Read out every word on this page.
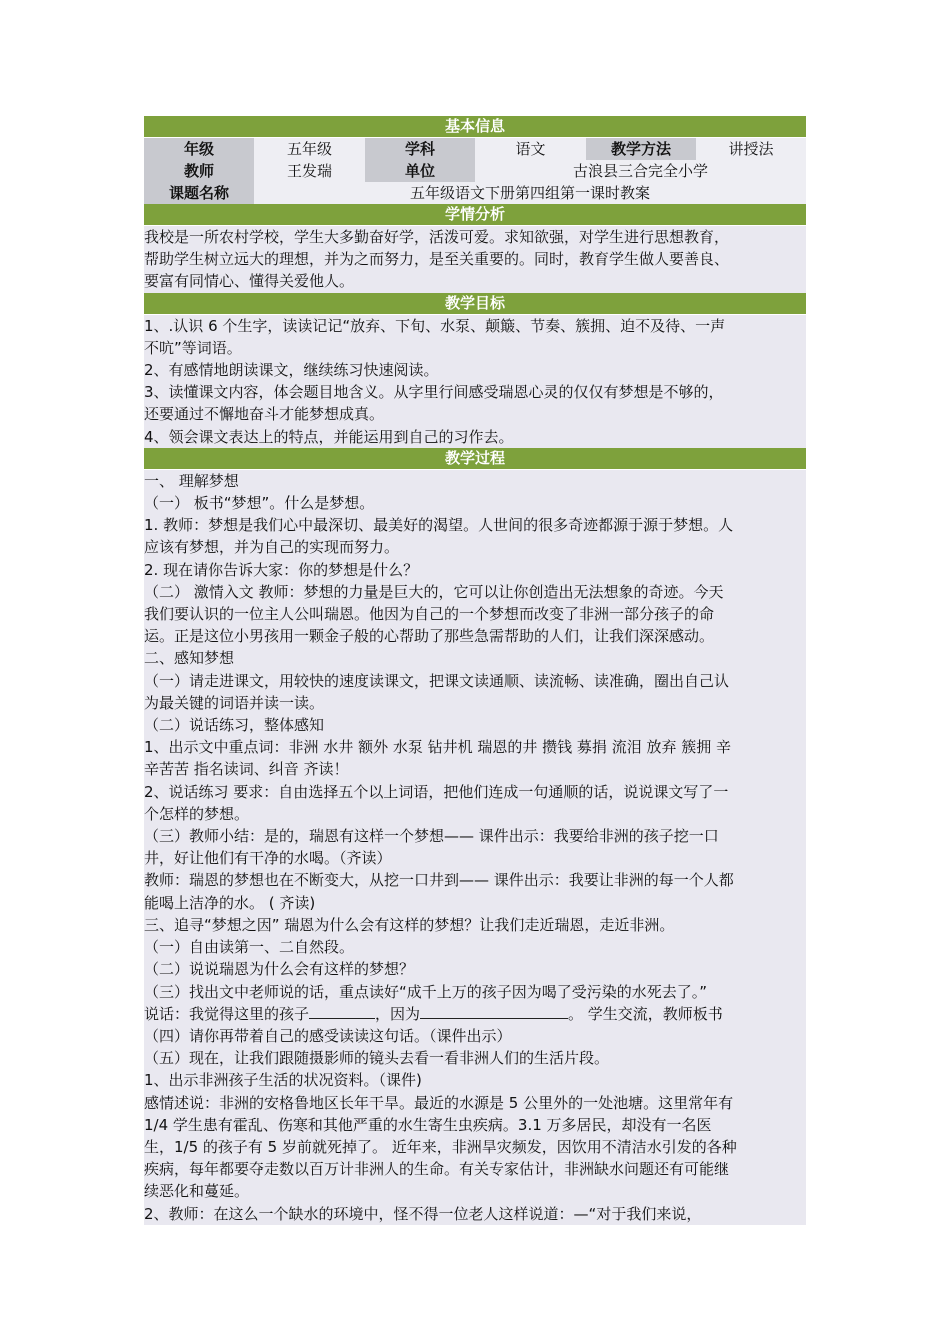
基本信息
年级	五年级	学科	语文	教学方法	讲授法
教师	王发瑞	单位	古浪县三合完全小学
课题名称	五年级语文下册第四组第一课时教案
学情分析

我校是一所农村学校，学生大多勤奋好学，活泼可爱。求知欲强，对学生进行思想教育，

帮助学生树立远大的理想，并为之而努力，是至关重要的。同时，教育学生做人要善良、

要富有同情心、懂得关爱他人。

教学目标

1、.认识 6 个生字，读读记记“放弃、下旬、水泵、颠簸、节奏、簇拥、迫不及待、一声

不吭”等词语。

2、有感情地朗读课文，继续练习快速阅读。

3、读懂课文内容，体会题目地含义。从字里行间感受瑞恩心灵的仅仅有梦想是不够的，

还要通过不懈地奋斗才能梦想成真。

4、领会课文表达上的特点，并能运用到自己的习作去。

教学过程

一、 理解梦想

（一） 板书“梦想”。什么是梦想。

1. 教师：梦想是我们心中最深切、最美好的渴望。人世间的很多奇迹都源于源于梦想。人

应该有梦想，并为自己的实现而努力。

2. 现在请你告诉大家：你的梦想是什么？

（二） 激情入文 教师：梦想的力量是巨大的，它可以让你创造出无法想象的奇迹。今天

我们要认识的一位主人公叫瑞恩。他因为自己的一个梦想而改变了非洲一部分孩子的命

运。正是这位小男孩用一颗金子般的心帮助了那些急需帮助的人们，让我们深深感动。

二、感知梦想

（一）请走进课文，用较快的速度读课文，把课文读通顺、读流畅、读准确，圈出自己认

为最关键的词语并读一读。

（二）说话练习，整体感知

1、出示文中重点词：非洲 水井 额外 水泵 钻井机 瑞恩的井 攒钱 募捐 流泪 放弃 簇拥 辛

辛苦苦 指名读词、纠音 齐读！

2、说话练习 要求：自由选择五个以上词语，把他们连成一句通顺的话，说说课文写了一

个怎样的梦想。

（三）教师小结：是的，瑞恩有这样一个梦想—— 课件出示：我要给非洲的孩子挖一口

井，好让他们有干净的水喝。（齐读）

教师：瑞恩的梦想也在不断变大，从挖一口井到—— 课件出示：我要让非洲的每一个人都

能喝上洁净的水。 ( 齐读)

三、追寻“梦想之因” 瑞恩为什么会有这样的梦想？让我们走近瑞恩，走近非洲。

（一）自由读第一、二自然段。

（二）说说瑞恩为什么会有这样的梦想？

（三）找出文中老师说的话，重点读好“成千上万的孩子因为喝了受污染的水死去了。”

说话：我觉得这里的孩子	，因为	。 学生交流，教师板书

（四）请你再带着自己的感受读读这句话。（课件出示）

（五）现在，让我们跟随摄影师的镜头去看一看非洲人们的生活片段。

1、出示非洲孩子生活的状况资料。（课件)

感情述说：非洲的安格鲁地区长年干旱。最近的水源是 5 公里外的一处池塘。这里常年有

1/4 学生患有霍乱、伤寒和其他严重的水生寄生虫疾病。3.1 万多居民，却没有一名医

生，1/5 的孩子有 5 岁前就死掉了。 近年来，非洲旱灾频发，因饮用不清洁水引发的各种

疾病，每年都要夺走数以百万计非洲人的生命。有关专家估计，非洲缺水问题还有可能继

续恶化和蔓延。

2、教师：在这么一个缺水的环境中，怪不得一位老人这样说道：—“对于我们来说，
